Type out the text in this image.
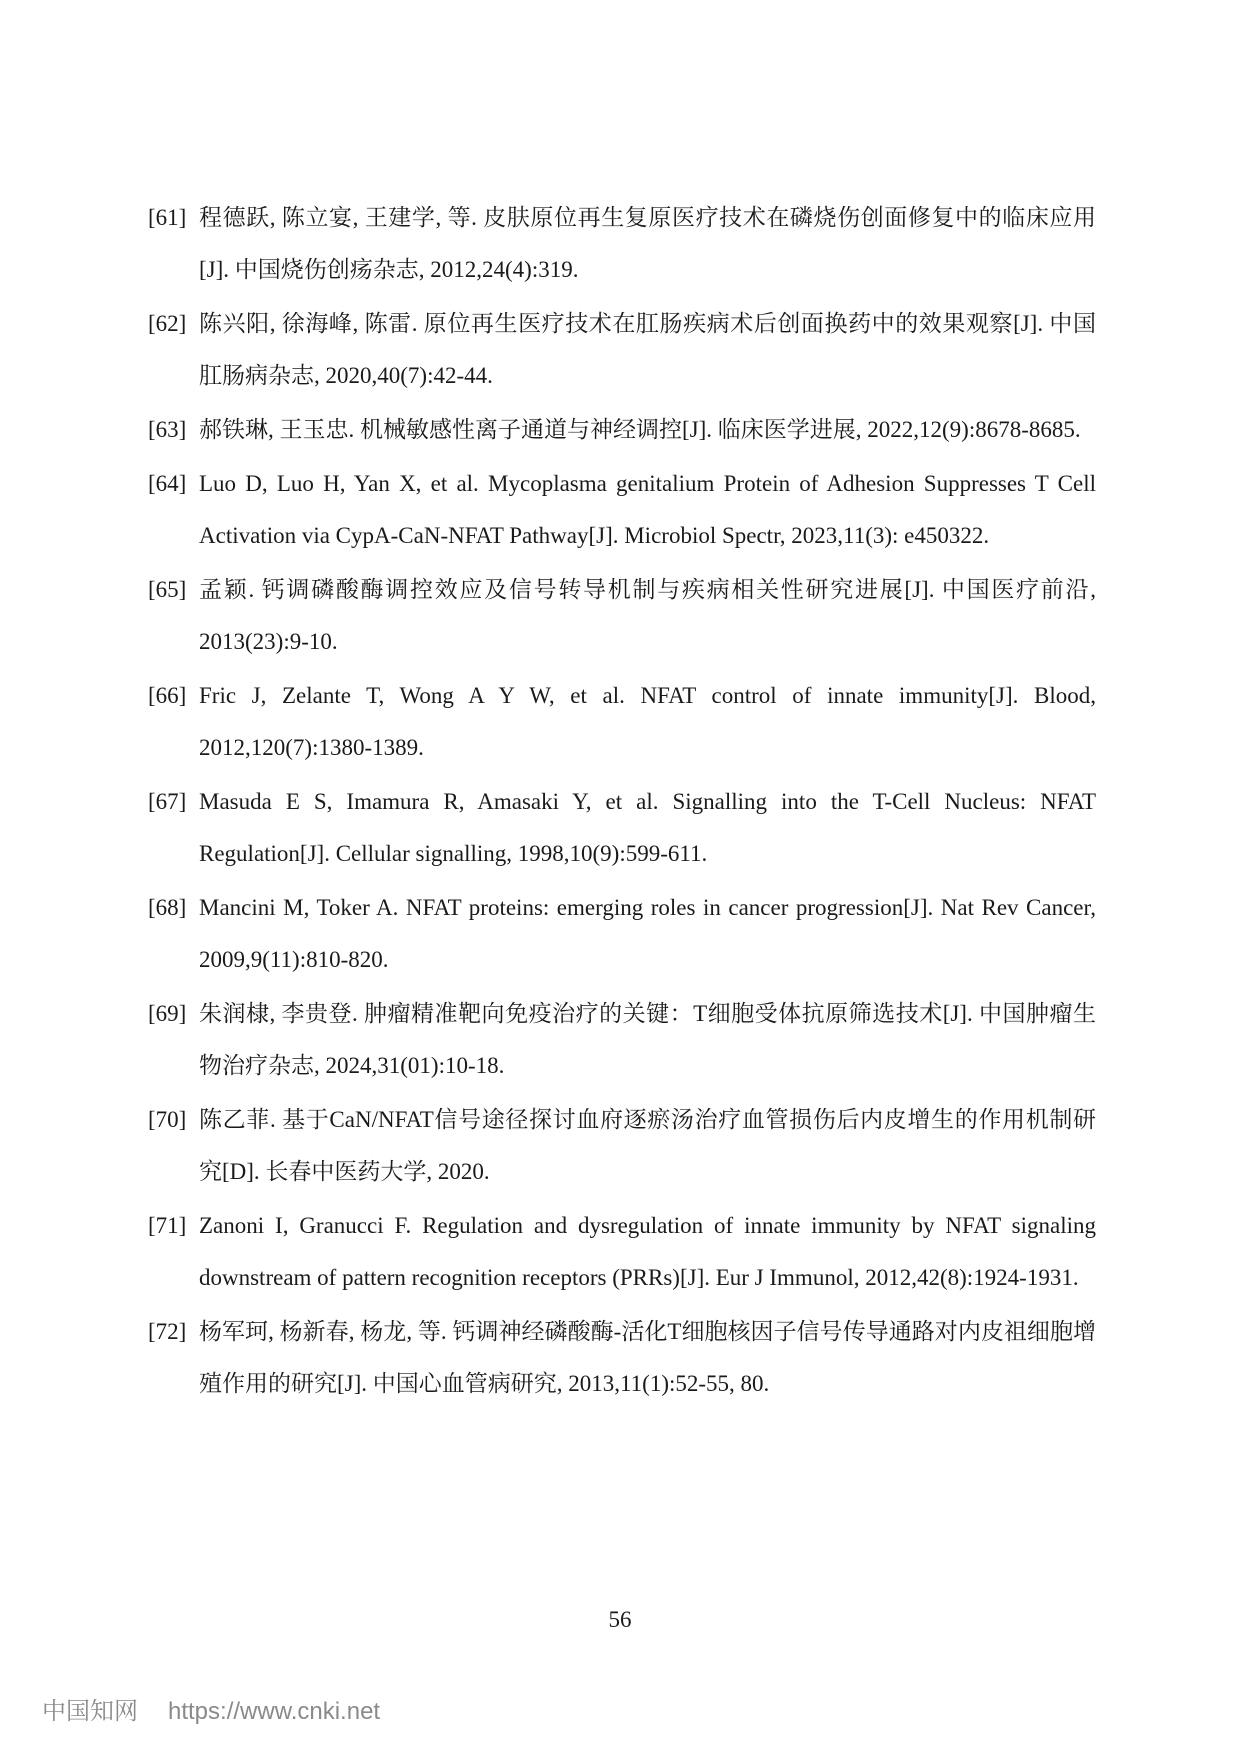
[61] 程德跃, 陈立宴, 王建学, 等. 皮肤原位再生复原医疗技术在磷烧伤创面修复中的临床应用[J]. 中国烧伤创疡杂志, 2012,24(4):319.
[62] 陈兴阳, 徐海峰, 陈雷. 原位再生医疗技术在肛肠疾病术后创面换药中的效果观察[J]. 中国肛肠病杂志, 2020,40(7):42-44.
[63] 郝铁琳, 王玉忠. 机械敏感性离子通道与神经调控[J]. 临床医学进展, 2022,12(9):8678-8685.
[64] Luo D, Luo H, Yan X, et al. Mycoplasma genitalium Protein of Adhesion Suppresses T Cell Activation via CypA-CaN-NFAT Pathway[J]. Microbiol Spectr, 2023,11(3): e450322.
[65] 孟颖. 钙调磷酸酶调控效应及信号转导机制与疾病相关性研究进展[J]. 中国医疗前沿, 2013(23):9-10.
[66] Fric J, Zelante T, Wong A Y W, et al. NFAT control of innate immunity[J]. Blood, 2012,120(7):1380-1389.
[67] Masuda E S, Imamura R, Amasaki Y, et al. Signalling into the T-Cell Nucleus: NFAT Regulation[J]. Cellular signalling, 1998,10(9):599-611.
[68] Mancini M, Toker A. NFAT proteins: emerging roles in cancer progression[J]. Nat Rev Cancer, 2009,9(11):810-820.
[69] 朱润棣, 李贵登. 肿瘤精准靶向免疫治疗的关键：T细胞受体抗原筛选技术[J]. 中国肿瘤生物治疗杂志, 2024,31(01):10-18.
[70] 陈乙菲. 基于CaN/NFAT信号途径探讨血府逐瘀汤治疗血管损伤后内皮增生的作用机制研究[D]. 长春中医药大学, 2020.
[71] Zanoni I, Granucci F. Regulation and dysregulation of innate immunity by NFAT signaling downstream of pattern recognition receptors (PRRs)[J]. Eur J Immunol, 2012,42(8):1924-1931.
[72] 杨军珂, 杨新春, 杨龙, 等. 钙调神经磷酸酶-活化T细胞核因子信号传导通路对内皮祖细胞增殖作用的研究[J]. 中国心血管病研究, 2013,11(1):52-55, 80.
56
中国知网 https://www.cnki.net
